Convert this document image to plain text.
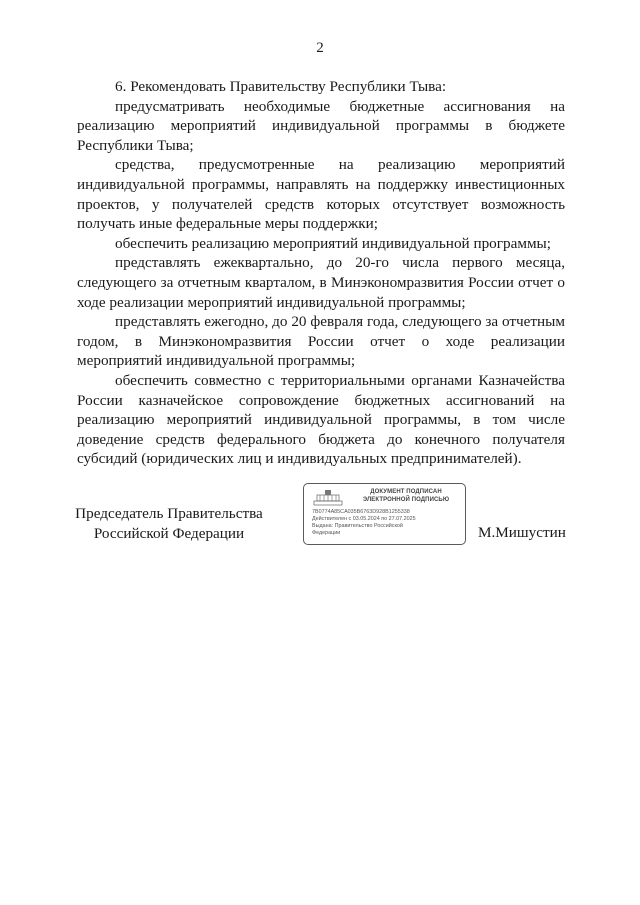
2

6. Рекомендовать Правительству Республики Тыва:

предусматривать необходимые бюджетные ассигнования на реализацию мероприятий индивидуальной программы в бюджете Республики Тыва;

средства, предусмотренные на реализацию мероприятий индивидуальной программы, направлять на поддержку инвестиционных проектов, у получателей средств которых отсутствует возможность получать иные федеральные меры поддержки;

обеспечить реализацию мероприятий индивидуальной программы;

представлять ежеквартально, до 20-го числа первого месяца, следующего за отчетным кварталом, в Минэкономразвития России отчет о ходе реализации мероприятий индивидуальной программы;

представлять ежегодно, до 20 февраля года, следующего за отчетным годом, в Минэкономразвития России отчет о ходе реализации мероприятий индивидуальной программы;

обеспечить совместно с территориальными органами Казначейства России казначейское сопровождение бюджетных ассигнований на реализацию мероприятий индивидуальной программы, в том числе доведение средств федерального бюджета до конечного получателя субсидий (юридических лиц и индивидуальных предпринимателей).

Председатель Правительства
Российской Федерации
ДОКУМЕНТ ПОДПИСАН
ЭЛЕКТРОННОЙ ПОДПИСЬЮ
7B0774A85CA035B6763D928B1255338
Действителен с 03.05.2024 по 27.07.2025
Выдана: Правительство Российской
Федерации	М.Мишустин
